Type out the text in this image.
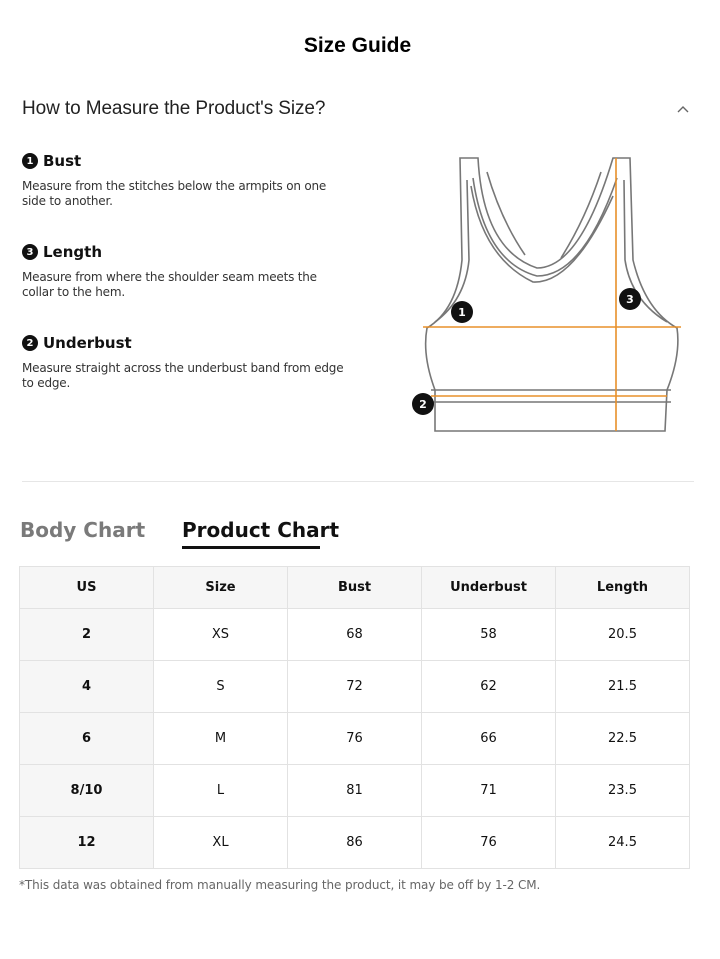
Size Guide
How to Measure the Product's Size?
1 Bust
Measure from the stitches below the armpits on one side to another.
3 Length
Measure from where the shoulder seam meets the collar to the hem.
2 Underbust
Measure straight across the underbust band from edge to edge.
1
2
3
Body Chart Product Chart
US	Size	Bust	Underbust	Length
2	XS	68	58	20.5
4	S	72	62	21.5
6	M	76	66	22.5
8/10	L	81	71	23.5
12	XL	86	76	24.5
*This data was obtained from manually measuring the product, it may be off by 1-2 CM.
